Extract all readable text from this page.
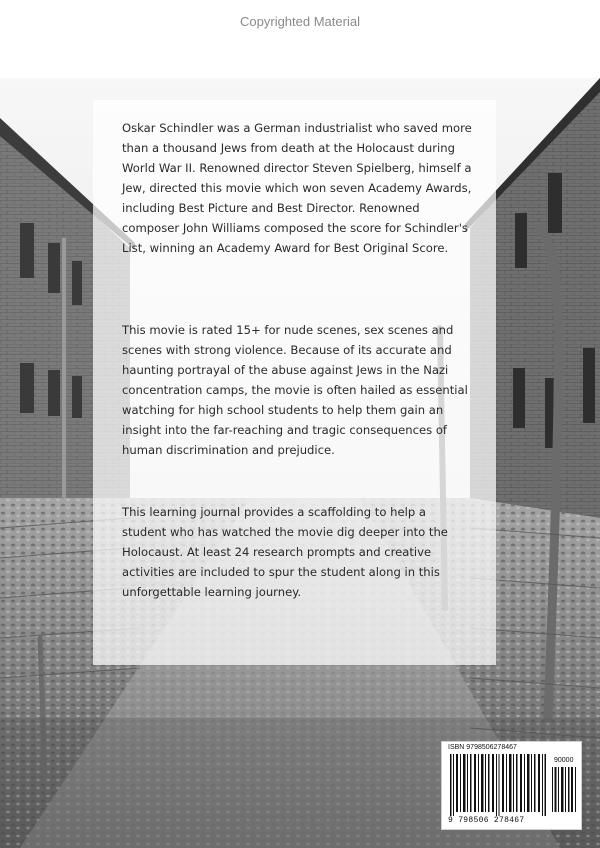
Copyrighted Material
Oskar Schindler was a German industrialist who saved more than a thousand Jews from death at the Holocaust during World War II. Renowned director Steven Spielberg, himself a Jew, directed this movie which won seven Academy Awards, including Best Picture and Best Director. Renowned composer John Williams composed the score for Schindler's List, winning an Academy Award for Best Original Score.
This movie is rated 15+ for nude scenes, sex scenes and scenes with strong violence. Because of its accurate and haunting portrayal of the abuse against Jews in the Nazi concentration camps, the movie is often hailed as essential watching for high school students to help them gain an insight into the far-reaching and tragic consequences of human discrimination and prejudice.
This learning journal provides a scaffolding to help a student who has watched the movie dig deeper into the Holocaust. At least 24 research prompts and creative activities are included to spur the student along in this unforgettable learning journey.
ISBN 9798506278467
90000
9 798506 278467
Copyrighted Material
